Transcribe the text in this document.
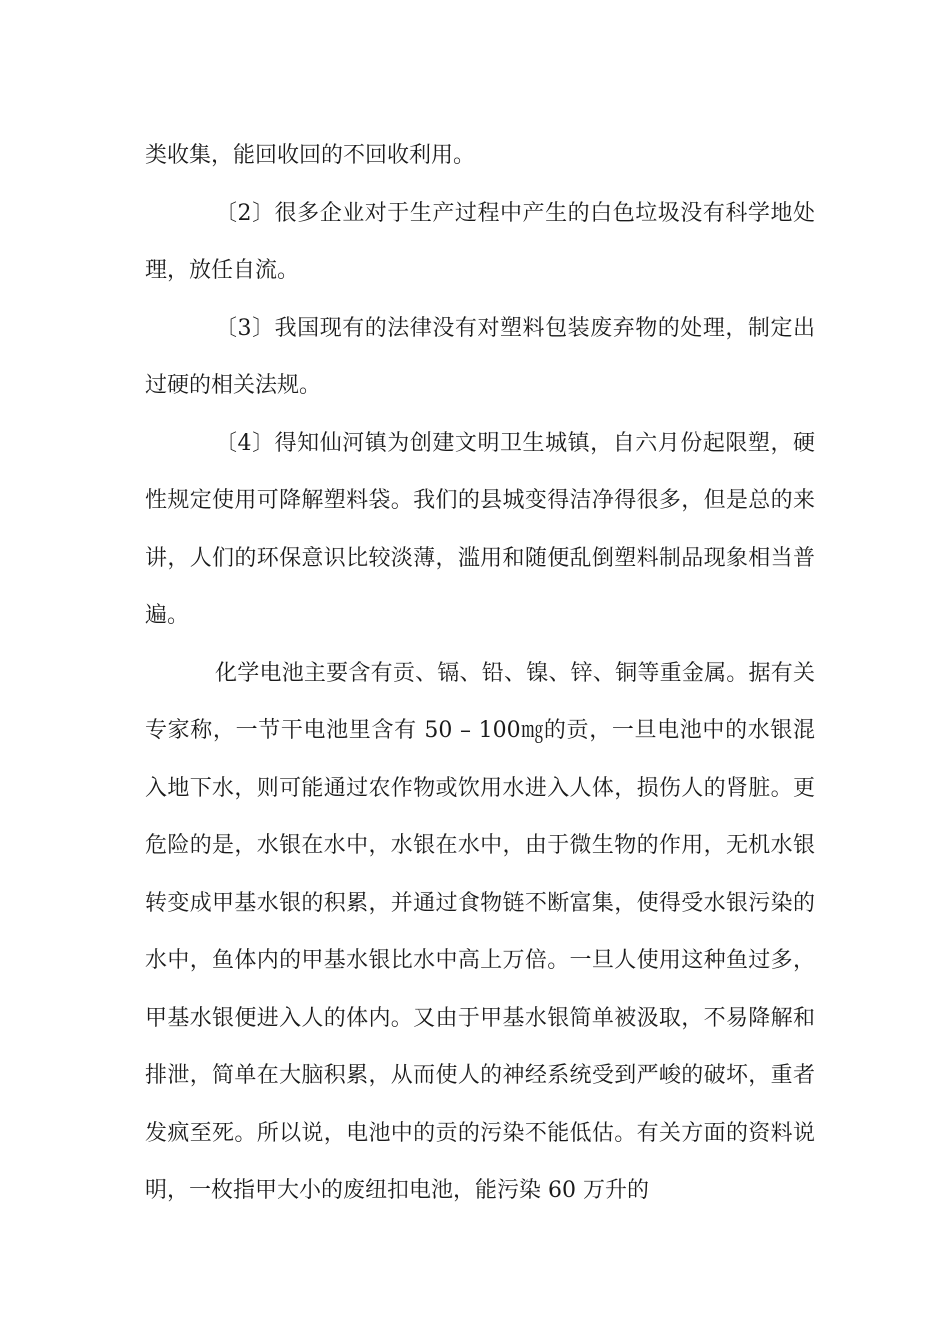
类收集，能回收回的不回收利用。

〔2〕很多企业对于生产过程中产生的白色垃圾没有科学地处理，放任自流。

〔3〕我国现有的法律没有对塑料包装废弃物的处理，制定出过硬的相关法规。

〔4〕得知仙河镇为创建文明卫生城镇，自六月份起限塑，硬性规定使用可降解塑料袋。我们的县城变得洁净得很多，但是总的来讲，人们的环保意识比较淡薄，滥用和随便乱倒塑料制品现象相当普遍。

化学电池主要含有贡、镉、铅、镍、锌、铜等重金属。据有关专家称，一节干电池里含有 50 – 100㎎的贡，一旦电池中的水银混入地下水，则可能通过农作物或饮用水进入人体，损伤人的肾脏。更危险的是，水银在水中，水银在水中，由于微生物的作用，无机水银转变成甲基水银的积累，并通过食物链不断富集，使得受水银污染的水中，鱼体内的甲基水银比水中高上万倍。一旦人使用这种鱼过多，甲基水银便进入人的体内。又由于甲基水银简单被汲取，不易降解和排泄，简单在大脑积累，从而使人的神经系统受到严峻的破坏，重者发疯至死。所以说，电池中的贡的污染不能低估。有关方面的资料说明，一枚指甲大小的废纽扣电池，能污染 60 万升的
